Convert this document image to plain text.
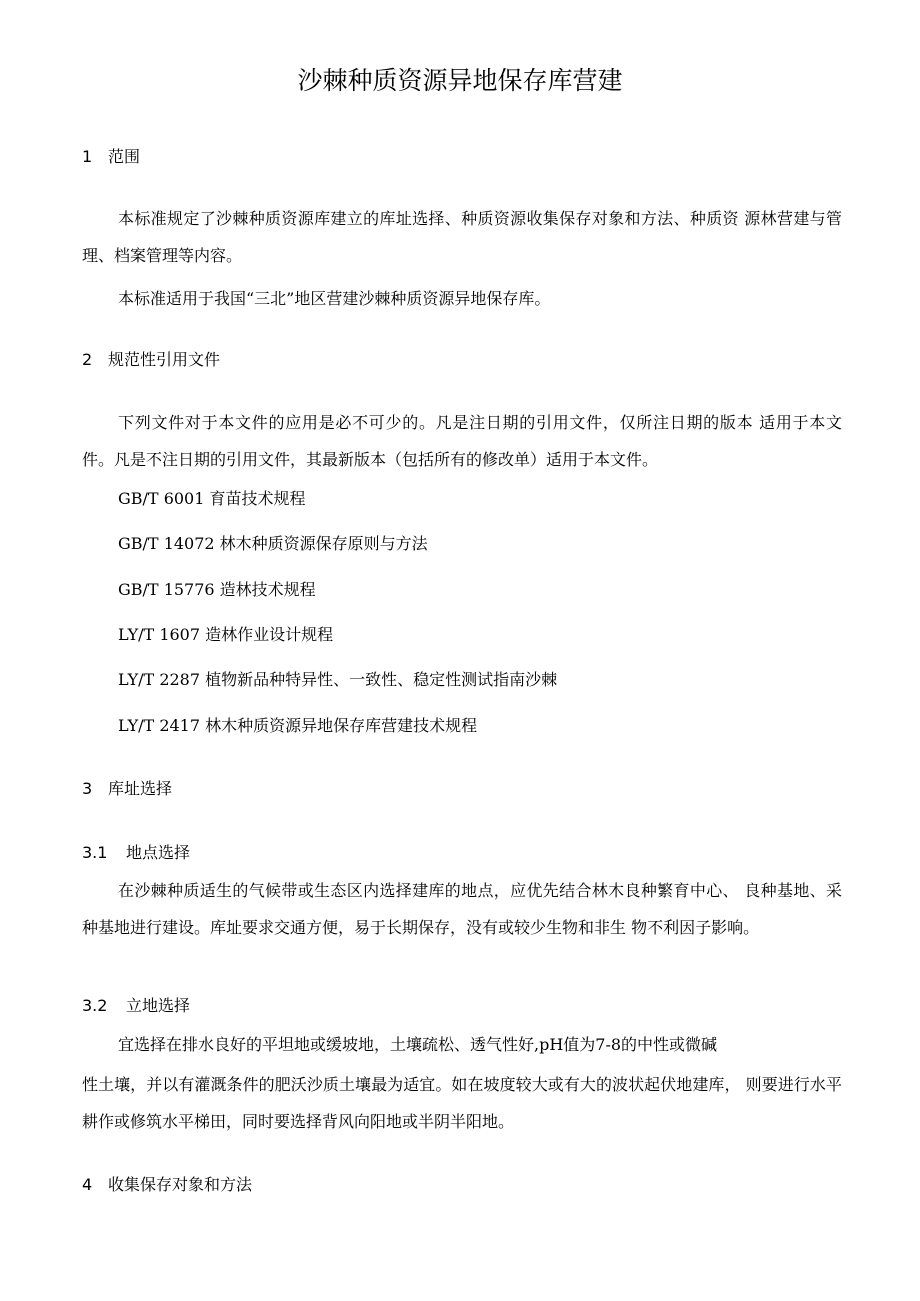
沙棘种质资源异地保存库营建
1 范围
本标准规定了沙棘种质资源库建立的库址选择、种质资源收集保存对象和方法、种质资 源林营建与管理、档案管理等内容。
本标准适用于我国“三北”地区营建沙棘种质资源异地保存库。
2 规范性引用文件
下列文件对于本文件的应用是必不可少的。凡是注日期的引用文件，仅所注日期的版本 适用于本文件。凡是不注日期的引用文件，其最新版本（包括所有的修改单）适用于本文件。
GB/T 6001 育苗技术规程
GB/T 14072 林木种质资源保存原则与方法
GB/T 15776 造林技术规程
LY/T 1607 造林作业设计规程
LY/T 2287 植物新品种特异性、一致性、稳定性测试指南沙棘
LY/T 2417 林木种质资源异地保存库营建技术规程
3 库址选择
3.1 地点选择
在沙棘种质适生的气候带或生态区内选择建库的地点，应优先结合林木良种繁育中心、 良种基地、采种基地进行建设。库址要求交通方便，易于长期保存，没有或较少生物和非生 物不利因子影响。
3.2 立地选择
宜选择在排水良好的平坦地或缓坡地，土壤疏松、透气性好,pH值为7-8的中性或微碱
性土壤，并以有灌溉条件的肥沃沙质土壤最为适宜。如在坡度较大或有大的波状起伏地建库， 则要进行水平耕作或修筑水平梯田，同时要选择背风向阳地或半阴半阳地。
4 收集保存对象和方法
